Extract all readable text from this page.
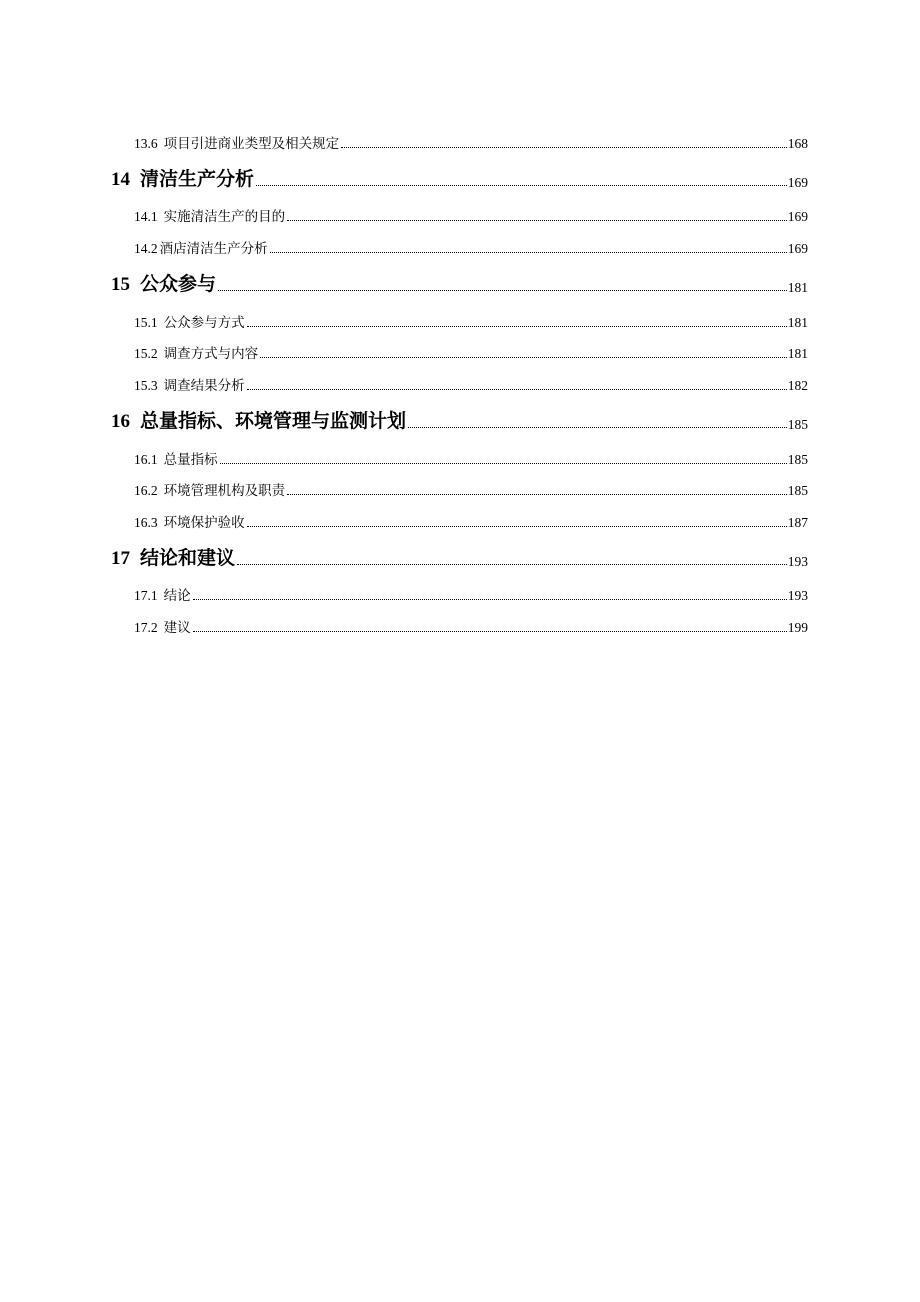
13.6 项目引进商业类型及相关规定	168
14 清洁生产分析	169
14.1 实施清洁生产的目的	169
14.2 酒店清洁生产分析	169
15 公众参与	181
15.1 公众参与方式	181
15.2 调查方式与内容	181
15.3 调查结果分析	182
16 总量指标、环境管理与监测计划	185
16.1 总量指标	185
16.2 环境管理机构及职责	185
16.3 环境保护验收	187
17 结论和建议	193
17.1 结论	193
17.2 建议	199
